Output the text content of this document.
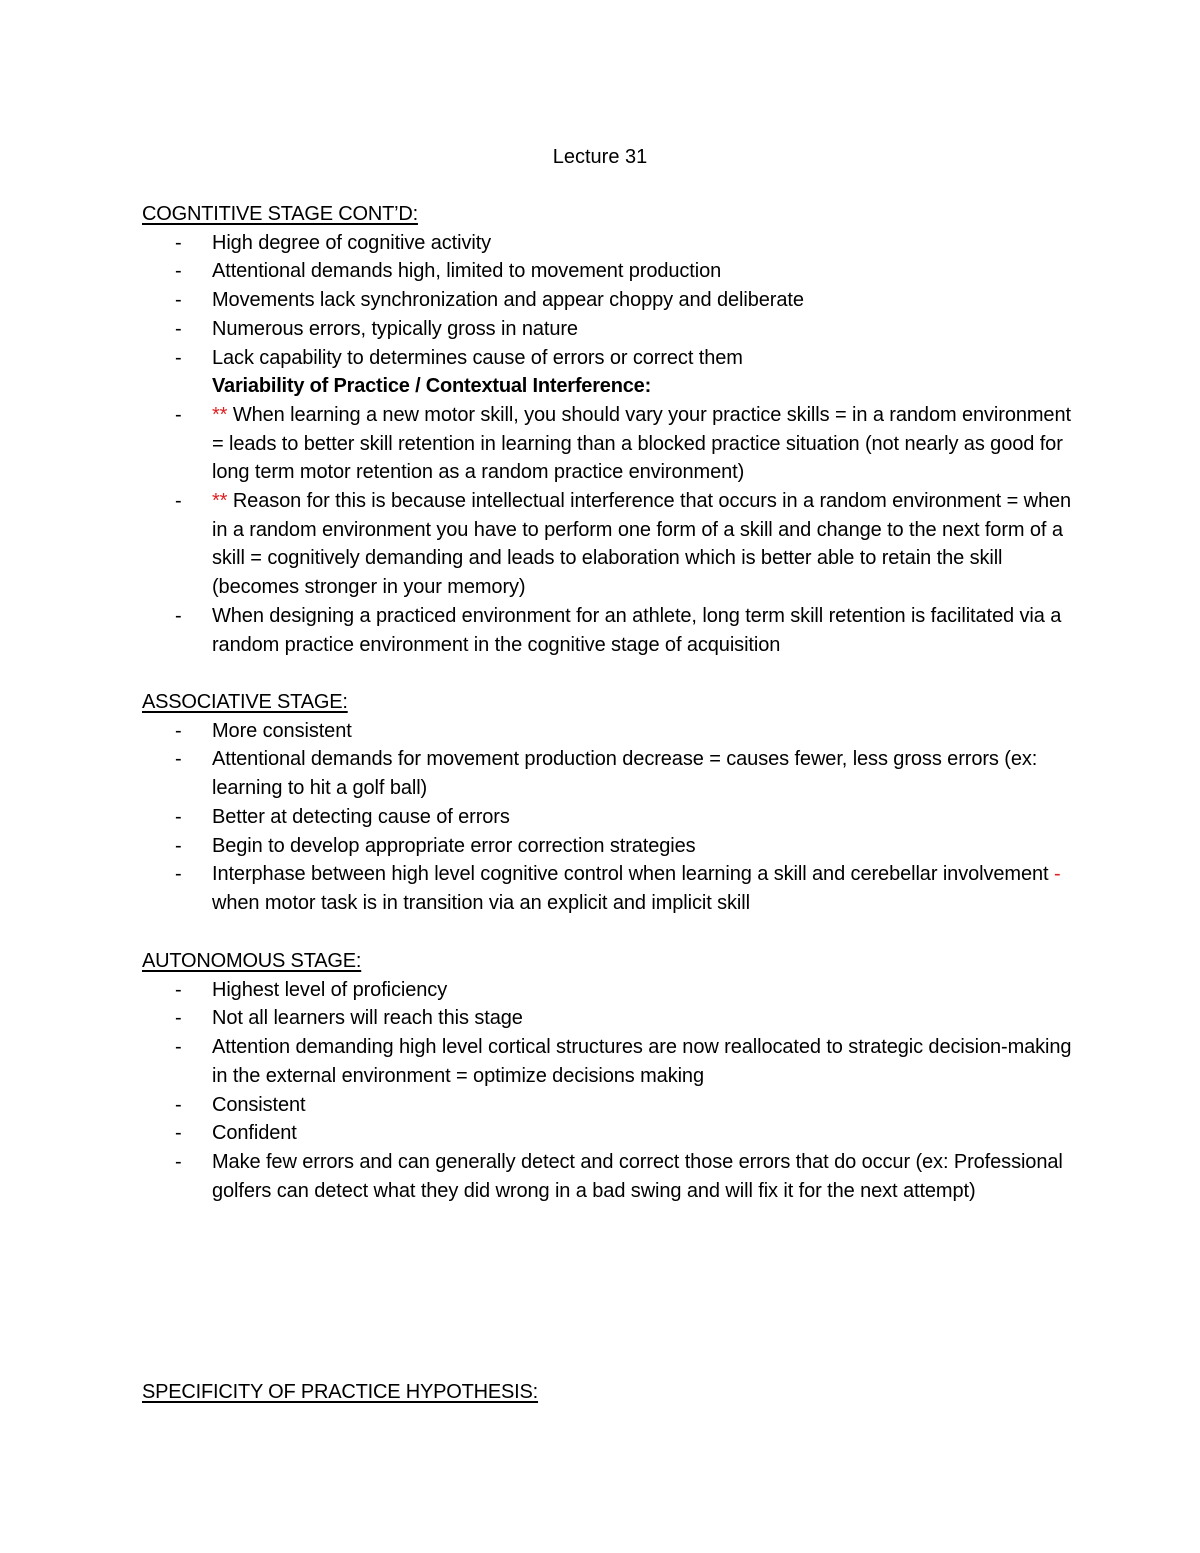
Lecture 31
COGNTITIVE STAGE CONT’D:
- High degree of cognitive activity
- Attentional demands high, limited to movement production
- Movements lack synchronization and appear choppy and deliberate
- Numerous errors, typically gross in nature
- Lack capability to determines cause of errors or correct them
Variability of Practice / Contextual Interference:
- ** When learning a new motor skill, you should vary your practice skills = in a random environment = leads to better skill retention in learning than a blocked practice situation (not nearly as good for long term motor retention as a random practice environment)
- ** Reason for this is because intellectual interference that occurs in a random environment = when in a random environment you have to perform one form of a skill and change to the next form of a skill = cognitively demanding and leads to elaboration which is better able to retain the skill (becomes stronger in your memory)
- When designing a practiced environment for an athlete, long term skill retention is facilitated via a random practice environment in the cognitive stage of acquisition
ASSOCIATIVE STAGE:
- More consistent
- Attentional demands for movement production decrease = causes fewer, less gross errors (ex: learning to hit a golf ball)
- Better at detecting cause of errors
- Begin to develop appropriate error correction strategies
- Interphase between high level cognitive control when learning a skill and cerebellar involvement - when motor task is in transition via an explicit and implicit skill
AUTONOMOUS STAGE:
- Highest level of proficiency
- Not all learners will reach this stage
- Attention demanding high level cortical structures are now reallocated to strategic decision-making in the external environment = optimize decisions making
- Consistent
- Confident
- Make few errors and can generally detect and correct those errors that do occur (ex: Professional golfers can detect what they did wrong in a bad swing and will fix it for the next attempt)
SPECIFICITY OF PRACTICE HYPOTHESIS:
